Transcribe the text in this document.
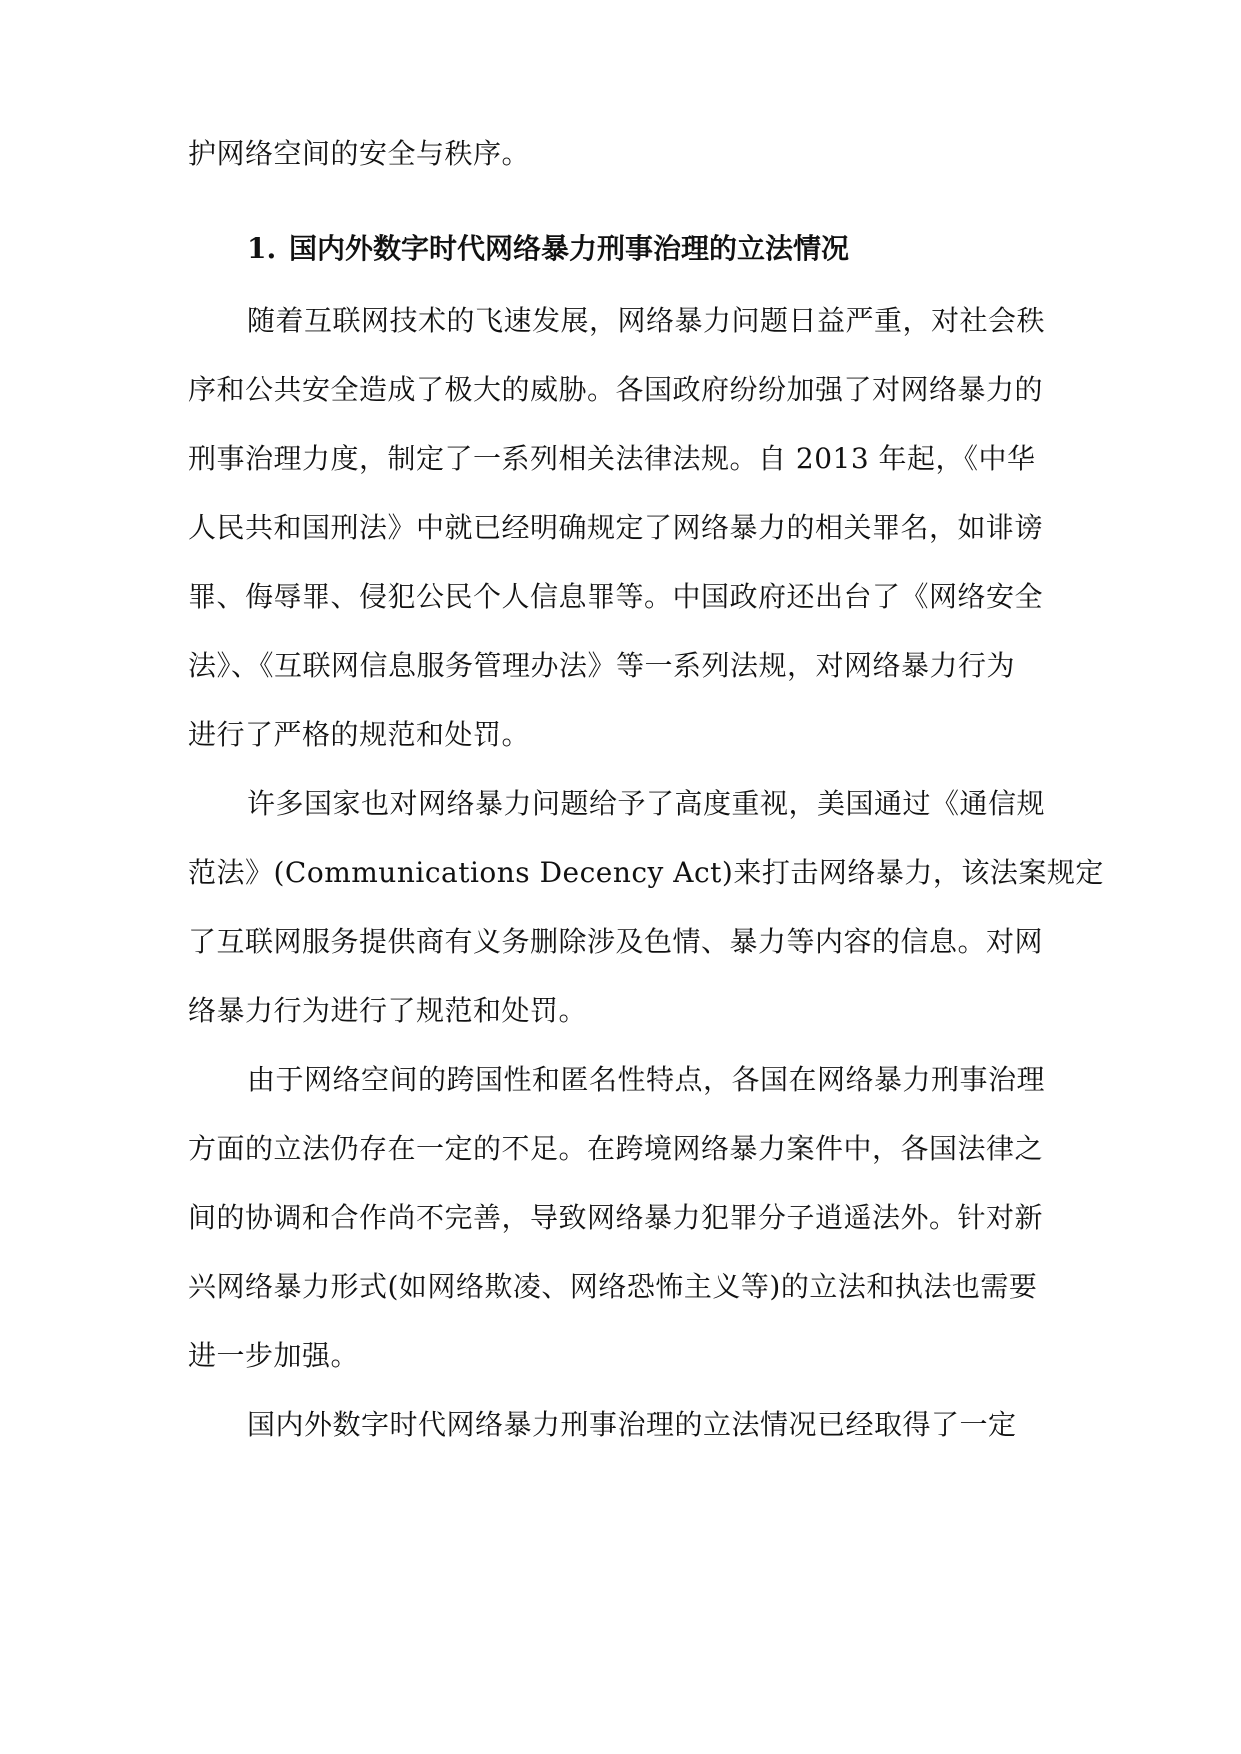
护网络空间的安全与秩序。
1. 国内外数字时代网络暴力刑事治理的立法情况
随着互联网技术的飞速发展，网络暴力问题日益严重，对社会秩
序和公共安全造成了极大的威胁。各国政府纷纷加强了对网络暴力的
刑事治理力度，制定了一系列相关法律法规。自 2013 年起，《中华
人民共和国刑法》中就已经明确规定了网络暴力的相关罪名，如诽谤
罪、侮辱罪、侵犯公民个人信息罪等。中国政府还出台了《网络安全
法》、《互联网信息服务管理办法》等一系列法规，对网络暴力行为
进行了严格的规范和处罚。
许多国家也对网络暴力问题给予了高度重视，美国通过《通信规
范法》(Communications Decency Act)来打击网络暴力，该法案规定
了互联网服务提供商有义务删除涉及色情、暴力等内容的信息。对网
络暴力行为进行了规范和处罚。
由于网络空间的跨国性和匿名性特点，各国在网络暴力刑事治理
方面的立法仍存在一定的不足。在跨境网络暴力案件中，各国法律之
间的协调和合作尚不完善，导致网络暴力犯罪分子逍遥法外。针对新
兴网络暴力形式(如网络欺凌、网络恐怖主义等)的立法和执法也需要
进一步加强。
国内外数字时代网络暴力刑事治理的立法情况已经取得了一定
